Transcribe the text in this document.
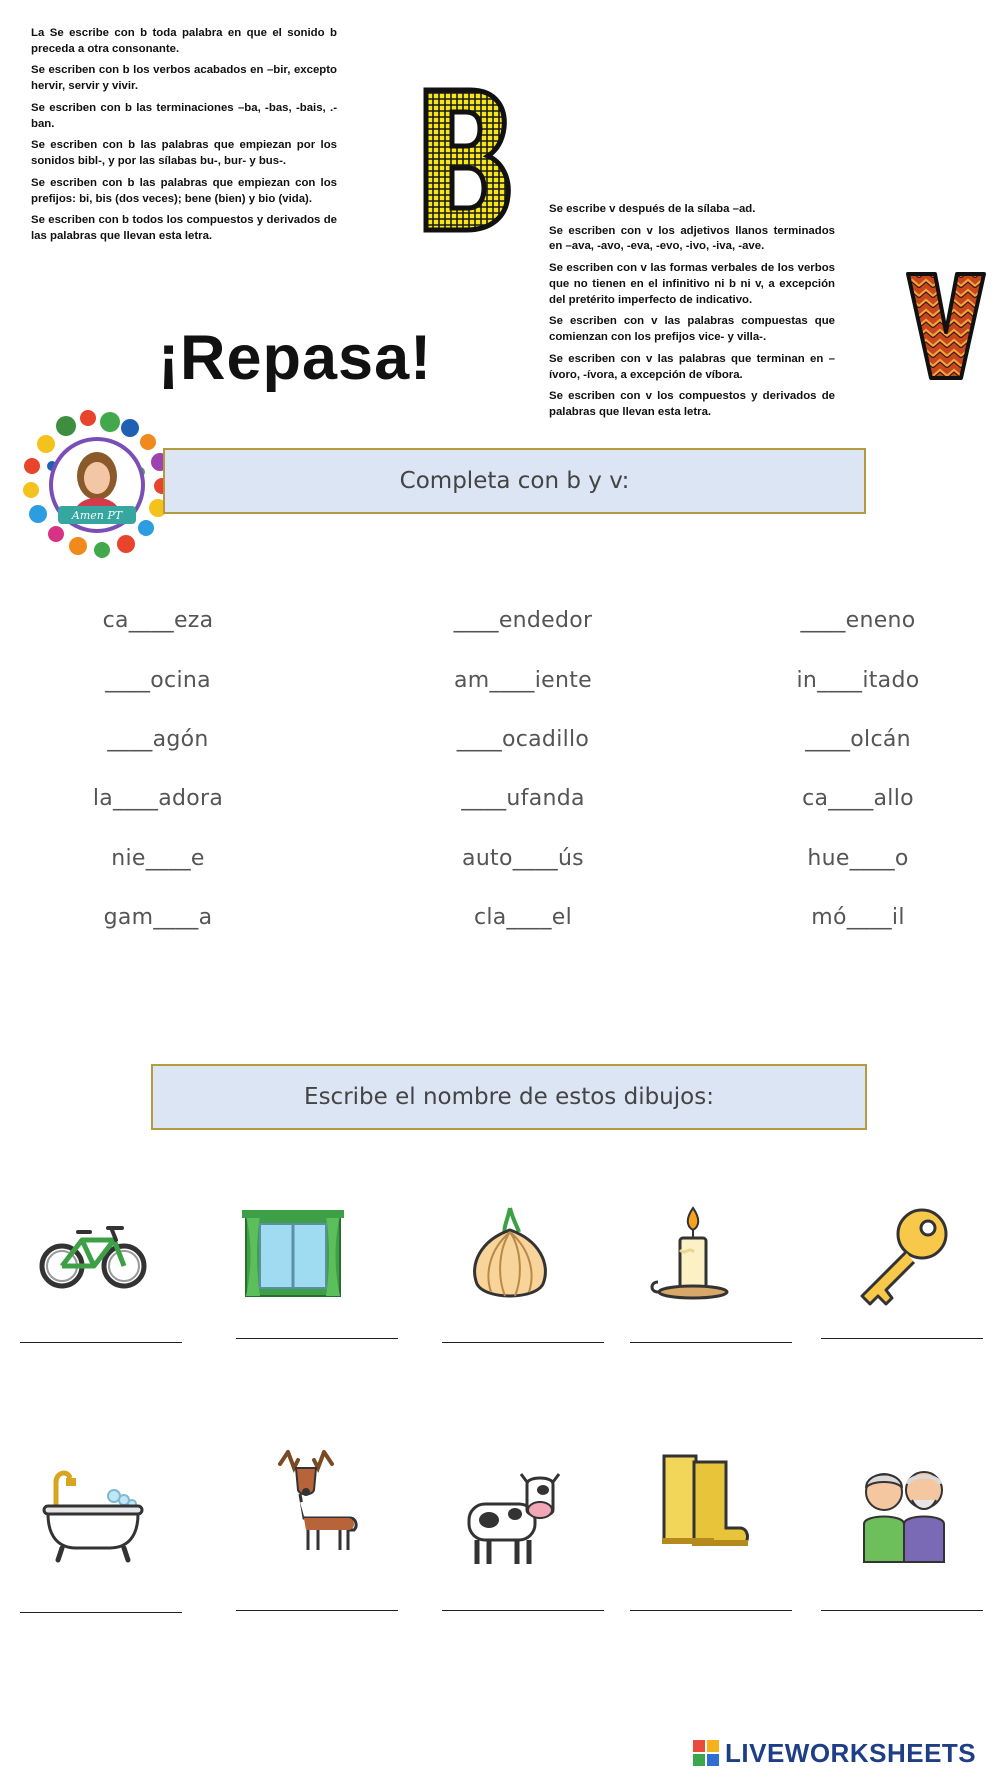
La Se escribe con b toda palabra en que el sonido b preceda a otra consonante.

Se escriben con b los verbos acabados en –bir, excepto hervir, servir y vivir.

Se escriben con b las terminaciones –ba, -bas, -bais, .-ban.

Se escriben con b las palabras que empiezan por los sonidos bibl-, y por las sílabas bu-, bur- y bus-.

Se escriben con b las palabras que empiezan con los prefijos: bi, bis (dos veces); bene (bien) y bio (vida).

Se escriben con b todos los compuestos y derivados de las palabras que llevan esta letra.

B

Se escribe v después de la sílaba –ad.

Se escriben con v los adjetivos llanos terminados en –ava, -avo, -eva, -evo, -ivo, -iva, -ave.

Se escriben con v las formas verbales de los verbos que no tienen en el infinitivo ni b ni v, a excepción del pretérito imperfecto de indicativo.

Se escriben con v las palabras compuestas que comienzan con los prefijos vice- y villa-.

Se escriben con v las palabras que terminan en –ívoro, -ívora, a excepción de víbora.

Se escriben con v los compuestos y derivados de palabras que llevan esta letra.

V
¡Repasa!
Amen PT
Completa con b y v:
ca____eza	____endedor	____eneno
____ocina	am____iente	in____itado
____agón	____ocadillo	____olcán
la____adora	____ufanda	ca____allo
nie____e	auto____ús	hue____o
gam____a	cla____el	mó____il
Escribe el nombre de estos dibujos:
LIVEWORKSHEETS
